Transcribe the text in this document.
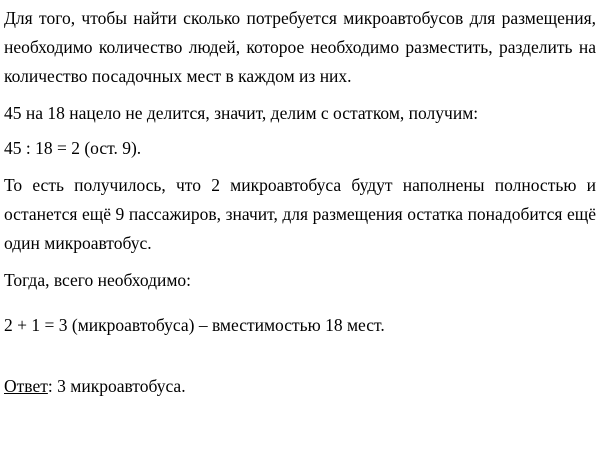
Для того, чтобы найти сколько потребуется микроавтобусов для размещения, необходимо количество людей, которое необходимо разместить, разделить на количество посадочных мест в каждом из них.

45 на 18 нацело не делится, значит, делим с остатком, получим:

45 : 18 = 2 (ост. 9).

То есть получилось, что 2 микроавтобуса будут наполнены полностью и останется ещё 9 пассажиров, значит, для размещения остатка понадобится ещё один микроавтобус.

Тогда, всего необходимо:

2 + 1 = 3 (микроавтобуса) – вместимостью 18 мест.

Ответ: 3 микроавтобуса.
